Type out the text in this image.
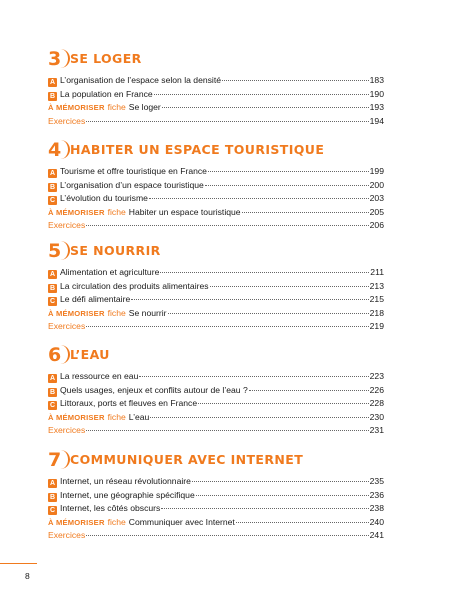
3 SE LOGER
A L’organisation de l’espace selon la densité	183
B La population en France	190
À MÉMORISER fiche Se loger	193
Exercices	194
4 HABITER UN ESPACE TOURISTIQUE
A Tourisme et offre touristique en France	199
B L’organisation d’un espace touristique	200
C L’évolution du tourisme	203
À MÉMORISER fiche Habiter un espace touristique	205
Exercices	206
5 SE NOURRIR
A Alimentation et agriculture	211
B La circulation des produits alimentaires	213
C Le défi alimentaire	215
À MÉMORISER fiche Se nourrir	218
Exercices	219
6 L’EAU
A La ressource en eau	223
B Quels usages, enjeux et conflits autour de l’eau ?	226
C Littoraux, ports et fleuves en France	228
À MÉMORISER fiche L’eau	230
Exercices	231
7 COMMUNIQUER AVEC INTERNET
A Internet, un réseau révolutionnaire	235
B Internet, une géographie spécifique	236
C Internet, les côtés obscurs	238
À MÉMORISER fiche Communiquer avec Internet	240
Exercices	241
8
